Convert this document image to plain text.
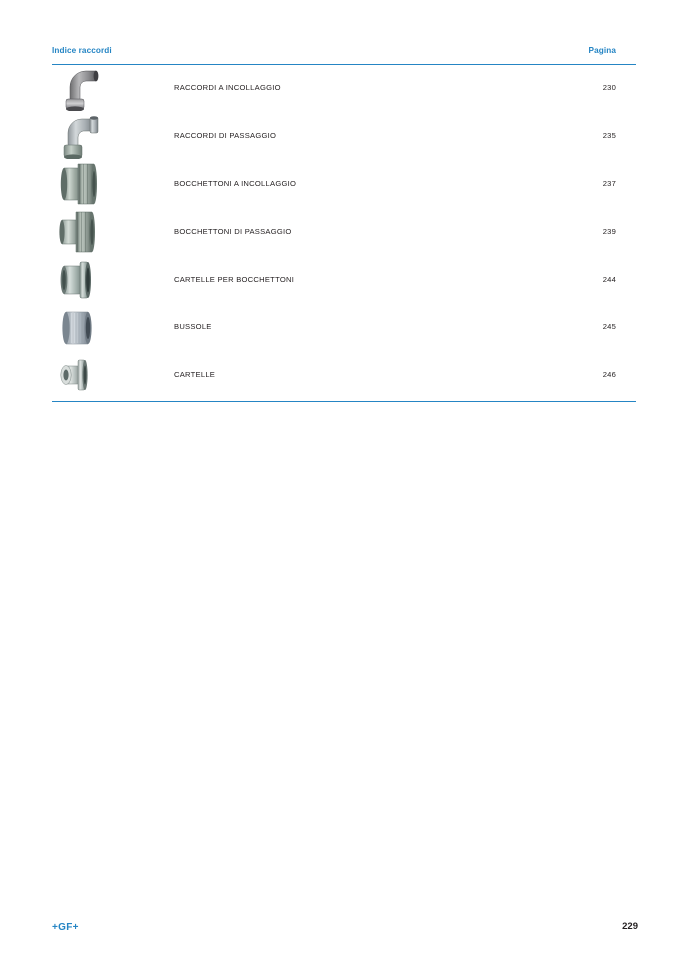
Indice raccordi	Pagina
RACCORDI A INCOLLAGGIO	230
RACCORDI DI PASSAGGIO	235
BOCCHETTONI A INCOLLAGGIO	237
BOCCHETTONI DI PASSAGGIO	239
CARTELLE PER BOCCHETTONI	244
BUSSOLE	245
CARTELLE	246
+GF+	229
